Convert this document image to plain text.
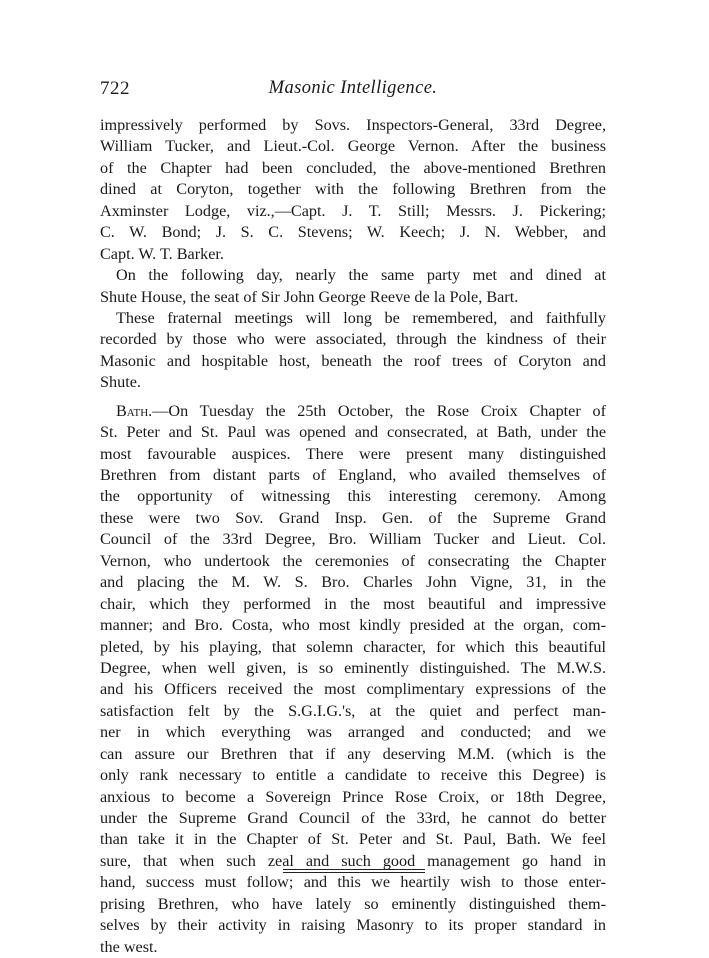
722	Masonic Intelligence.
impressively performed by Sovs. Inspectors-General, 33rd Degree,
William Tucker, and Lieut.-Col. George Vernon. After the business
of the Chapter had been concluded, the above-mentioned Brethren
dined at Coryton, together with the following Brethren from the
Axminster Lodge, viz.,—Capt. J. T. Still; Messrs. J. Pickering;
C. W. Bond; J. S. C. Stevens; W. Keech; J. N. Webber, and
Capt. W. T. Barker.
On the following day, nearly the same party met and dined at
Shute House, the seat of Sir John George Reeve de la Pole, Bart.
These fraternal meetings will long be remembered, and faithfully
recorded by those who were associated, through the kindness of their
Masonic and hospitable host, beneath the roof trees of Coryton and
Shute.
Bath.—On Tuesday the 25th October, the Rose Croix Chapter of
St. Peter and St. Paul was opened and consecrated, at Bath, under the
most favourable auspices. There were present many distinguished
Brethren from distant parts of England, who availed themselves of
the opportunity of witnessing this interesting ceremony. Among
these were two Sov. Grand Insp. Gen. of the Supreme Grand
Council of the 33rd Degree, Bro. William Tucker and Lieut. Col.
Vernon, who undertook the ceremonies of consecrating the Chapter
and placing the M. W. S. Bro. Charles John Vigne, 31, in the
chair, which they performed in the most beautiful and impressive
manner; and Bro. Costa, who most kindly presided at the organ, com-
pleted, by his playing, that solemn character, for which this beautiful
Degree, when well given, is so eminently distinguished. The M.W.S.
and his Officers received the most complimentary expressions of the
satisfaction felt by the S.G.I.G.'s, at the quiet and perfect man-
ner in which everything was arranged and conducted; and we
can assure our Brethren that if any deserving M.M. (which is the
only rank necessary to entitle a candidate to receive this Degree) is
anxious to become a Sovereign Prince Rose Croix, or 18th Degree,
under the Supreme Grand Council of the 33rd, he cannot do better
than take it in the Chapter of St. Peter and St. Paul, Bath. We feel
sure, that when such zeal and such good management go hand in
hand, success must follow; and this we heartily wish to those enter-
prising Brethren, who have lately so eminently distinguished them-
selves by their activity in raising Masonry to its proper standard in
the west.
